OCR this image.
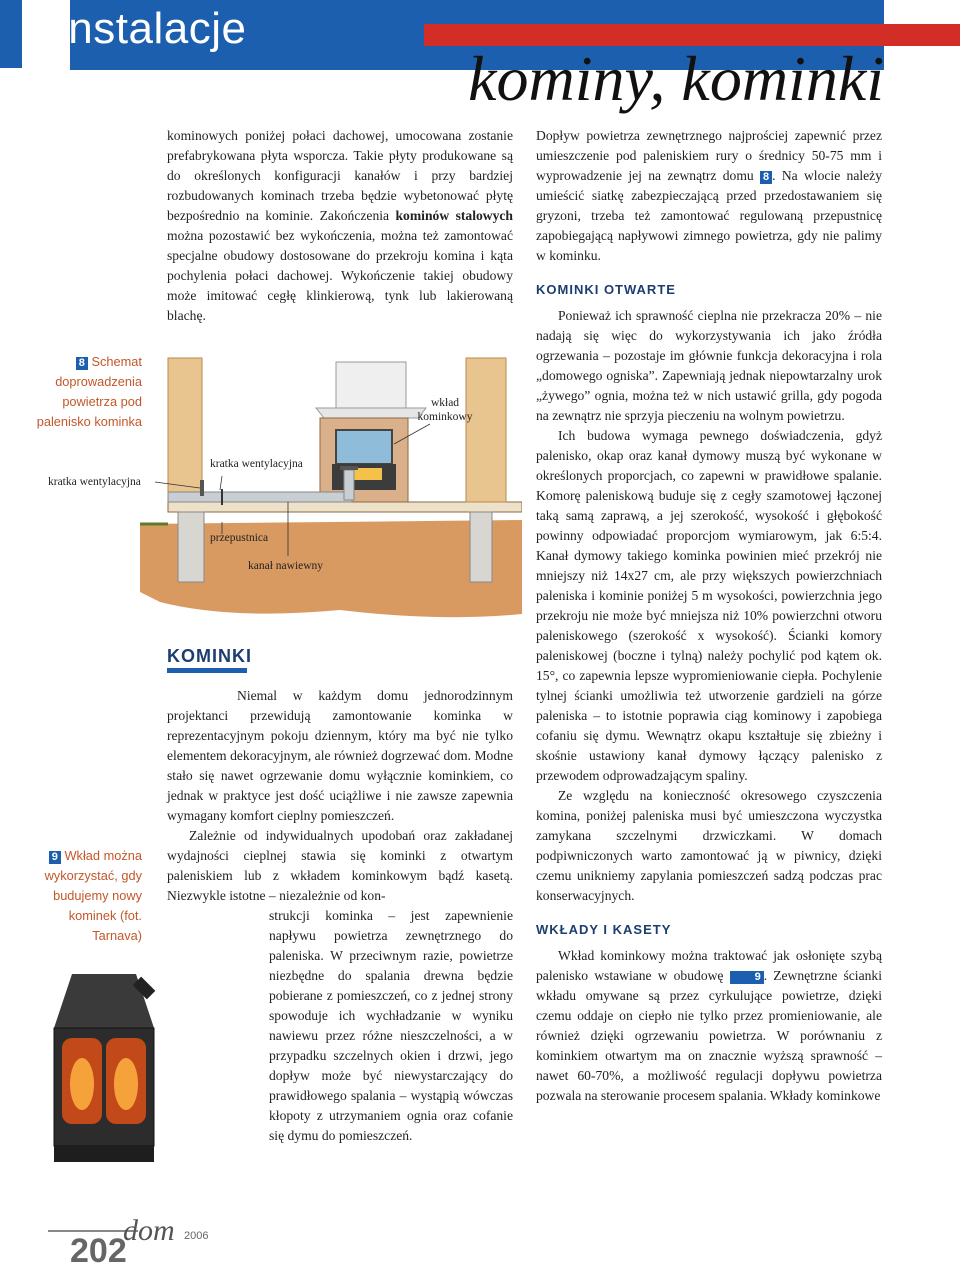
instalacje
kominy, kominki

kominowych poniżej połaci dachowej, umocowana zostanie prefabrykowana płyta wsporcza. Takie płyty produkowane są do określonych konfiguracji kanałów i przy bardziej rozbudowanych kominach trzeba będzie wybetonować płytę bezpośrednio na kominie. Zakończenia kominów stalowych można pozostawić bez wykończenia, można też zamontować specjalne obudowy dostosowane do przekroju komina i kąta pochylenia połaci dachowej. Wykończenie takiej obudowy może imitować cegłę klinkierową, tynk lub lakierowaną blachę.

8 Schemat doprowadzenia powietrza pod palenisko kominka
kratka wentylacyjna
kratka wentylacyjna
wkład kominkowy
przepustnica
kanał nawiewny
KOMINKI

Niemal w każdym domu jednorodzinnym projektanci przewidują zamontowanie kominka w reprezentacyjnym pokoju dziennym, który ma być nie tylko elementem dekoracyjnym, ale również dogrzewać dom. Modne stało się nawet ogrzewanie domu wyłącznie kominkiem, co jednak w praktyce jest dość uciążliwe i nie zawsze zapewnia wymagany komfort cieplny pomieszczeń.

Zależnie od indywidualnych upodobań oraz zakładanej wydajności cieplnej stawia się kominki z otwartym paleniskiem lub z wkładem kominkowym bądź kasetą. Niezwykle istotne – niezależnie od kon-

strukcji kominka – jest zapewnienie napływu powietrza zewnętrznego do paleniska. W przeciwnym razie, powietrze niezbędne do spalania drewna będzie pobierane z pomieszczeń, co z jednej strony spowoduje ich wychładzanie w wyniku nawiewu przez różne nieszczelności, a w przypadku szczelnych okien i drzwi, jego dopływ może być niewystarczający do prawidłowego spalania – wystąpią wówczas kłopoty z utrzymaniem ognia oraz cofanie się dymu do pomieszczeń.

9 Wkład można wykorzystać, gdy budujemy nowy kominek (fot. Tarnava)

Dopływ powietrza zewnętrznego najprościej zapewnić przez umieszczenie pod paleniskiem rury o średnicy 50-75 mm i wyprowadzenie jej na zewnątrz domu 8 . Na wlocie należy umieścić siatkę zabezpieczającą przed przedostawaniem się gryzoni, trzeba też zamontować regulowaną przepustnicę zapobiegającą napływowi zimnego powietrza, gdy nie palimy w kominku.

KOMINKI OTWARTE

Ponieważ ich sprawność cieplna nie przekracza 20% – nie nadają się więc do wykorzystywania ich jako źródła ogrzewania – pozostaje im głównie funkcja dekoracyjna i rola „domowego ogniska”. Zapewniają jednak niepowtarzalny urok „żywego” ognia, można też w nich ustawić grilla, gdy pogoda na zewnątrz nie sprzyja pieczeniu na wolnym powietrzu.

Ich budowa wymaga pewnego doświadczenia, gdyż palenisko, okap oraz kanał dymowy muszą być wykonane w określonych proporcjach, co zapewni w prawidłowe spalanie. Komorę paleniskową buduje się z cegły szamotowej łączonej taką samą zaprawą, a jej szerokość, wysokość i głębokość powinny odpowiadać proporcjom wymiarowym, jak 6:5:4. Kanał dymowy takiego kominka powinien mieć przekrój nie mniejszy niż 14x27 cm, ale przy większych powierzchniach paleniska i kominie poniżej 5 m wysokości, powierzchnia jego przekroju nie może być mniejsza niż 10% powierzchni otworu paleniskowego (szerokość x wysokość). Ścianki komory paleniskowej (boczne i tylną) należy pochylić pod kątem ok. 15°, co zapewnia lepsze wypromieniowanie ciepła. Pochylenie tylnej ścianki umożliwia też utworzenie gardzieli na górze paleniska – to istotnie poprawia ciąg kominowy i zapobiega cofaniu się dymu. Wewnątrz okapu kształtuje się zbieżny i skośnie ustawiony kanał dymowy łączący palenisko z przewodem odprowadzającym spaliny.

Ze względu na konieczność okresowego czyszczenia komina, poniżej paleniska musi być umieszczona wyczystka zamykana szczelnymi drzwiczkami. W domach podpiwniczonych warto zamontować ją w piwnicy, dzięki czemu unikniemy zapylania pomieszczeń sadzą podczas prac konserwacyjnych.

WKŁADY I KASETY

Wkład kominkowy można traktować jak osłonięte szybą palenisko wstawiane w obudowę 9 . Zewnętrzne ścianki wkładu omywane są przez cyrkulujące powietrze, dzięki czemu oddaje on ciepło nie tylko przez promieniowanie, ale również dzięki ogrzewaniu powietrza. W porównaniu z kominkiem otwartym ma on znacznie wyższą sprawność – nawet 60-70%, a możliwość regulacji dopływu powietrza pozwala na sterowanie procesem spalania. Wkłady kominkowe

202
dom 2006
